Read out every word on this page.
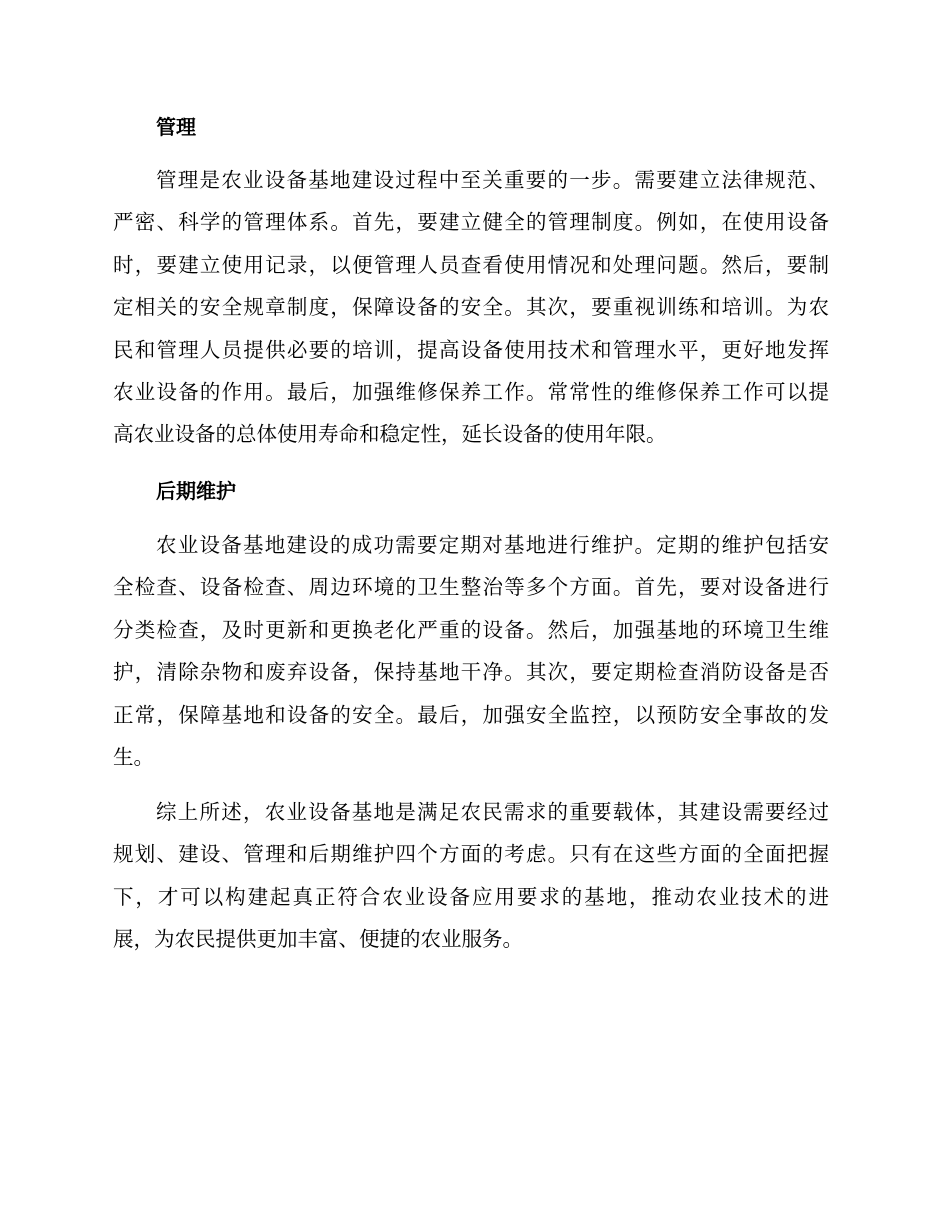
管理
管理是农业设备基地建设过程中至关重要的一步。需要建立法律规范、
严密、科学的管理体系。首先，要建立健全的管理制度。例如，在使用设备
时，要建立使用记录，以便管理人员查看使用情况和处理问题。然后，要制
定相关的安全规章制度，保障设备的安全。其次，要重视训练和培训。为农
民和管理人员提供必要的培训，提高设备使用技术和管理水平，更好地发挥
农业设备的作用。最后，加强维修保养工作。常常性的维修保养工作可以提
高农业设备的总体使用寿命和稳定性，延长设备的使用年限。
后期维护
农业设备基地建设的成功需要定期对基地进行维护。定期的维护包括安
全检查、设备检查、周边环境的卫生整治等多个方面。首先，要对设备进行
分类检查，及时更新和更换老化严重的设备。然后，加强基地的环境卫生维
护，清除杂物和废弃设备，保持基地干净。其次，要定期检查消防设备是否
正常，保障基地和设备的安全。最后，加强安全监控，以预防安全事故的发
生。
综上所述，农业设备基地是满足农民需求的重要载体，其建设需要经过
规划、建设、管理和后期维护四个方面的考虑。只有在这些方面的全面把握
下，才可以构建起真正符合农业设备应用要求的基地，推动农业技术的进
展，为农民提供更加丰富、便捷的农业服务。
